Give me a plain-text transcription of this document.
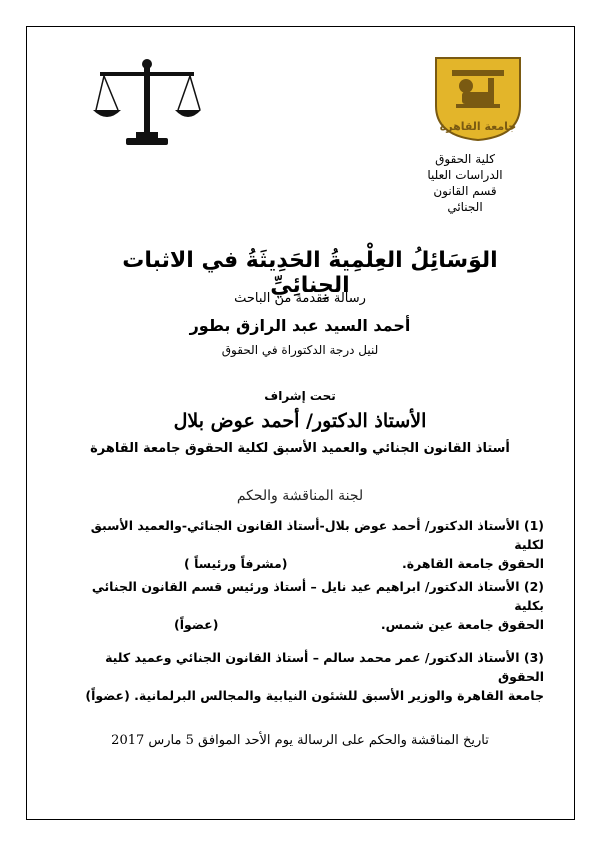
جامعة القاهرة
كلية الحقوق
الدراسات العليا
قسم القانون
الجنائي
الوَسَائِلُ العِلْمِيةُ الحَدِيثَةُ في الاثبات الجِنائِيِّ
رسالة مقدمة من الباحث
أحمد السيد عبد الرازق بطور
لنيل درجة الدكتوراة في الحقوق
تحت إشراف
الأستاذ الدكتور/ أحمد عوض بلال
أستاذ القانون الجنائي والعميد الأسبق لكلية الحقوق جامعة القاهرة
لجنة المناقشة والحكم
(1) الأستاذ الدكتور/ أحمد عوض بلال-أستاذ القانون الجنائي-والعميد الأسبق لكلية
الحقوق جامعة القاهرة.
(مشرفاً ورئيساً )
(2) الأستاذ الدكتور/ ابراهيم عيد نايل – أستاذ ورئيس قسم القانون الجنائي بكلية
الحقوق جامعة عين شمس.
(عضواً)
(3) الأستاذ الدكتور/ عمر محمد سالم – أستاذ القانون الجنائي وعميد كلية الحقوق
جامعة القاهرة والوزير الأسبق للشئون النيابية والمجالس البرلمانية. (عضواً)
تاريخ المناقشة والحكم على الرسالة يوم الأحد الموافق 5 مارس 2017
